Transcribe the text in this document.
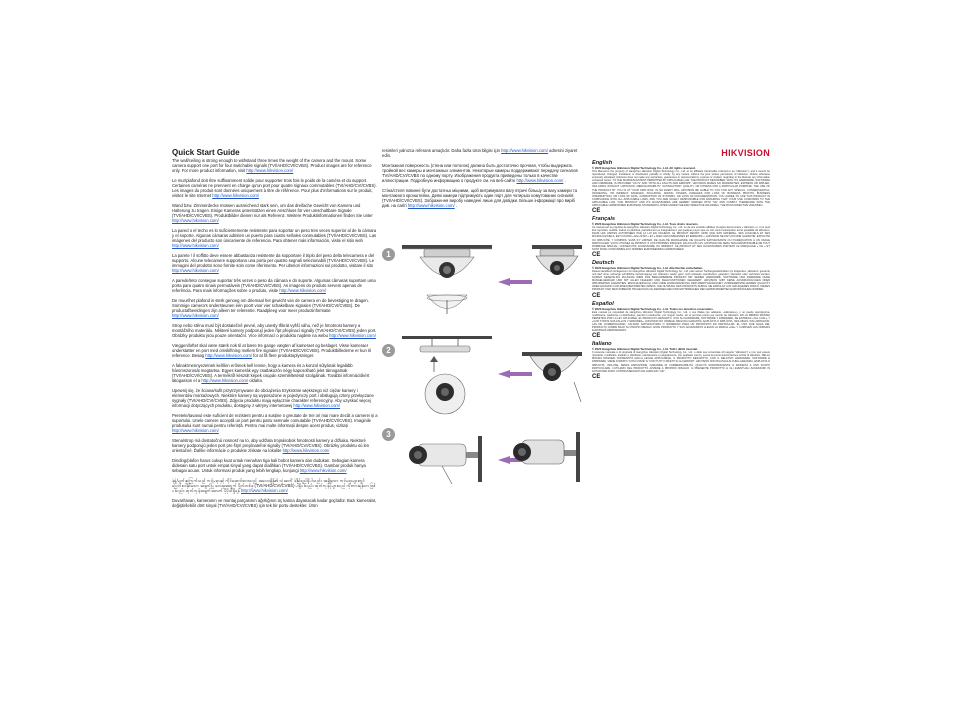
Quick Start Guide

The wall/ceiling is strong enough to withstand three times the weight of the camera and the mount. Some camera support one port for four switchable signals (TVI/AHD/CVI/CVBS). Product images are for reference only. For more product information, visit http://www.hikvision.com/

Le mur/plafond doit être suffisamment solide pour supporter trois fois le poids de la caméra et du support. Certaines caméras ne prennent en charge qu'un port pour quatre signaux commutables (TVI/AHD/CVI/CVBS). Les images du produit sont données uniquement à titre de référence. Pour plus d'informations sur le produit, visitez le site Internet http://www.hikvision.com/

Wand bzw. Zimmerdecke müssen ausreichend stark sein, um das dreifache Gewicht von Kamera und Halterung zu tragen. Einige Kameras unterstützen einen Anschluss für vier umschaltbare Signale (TVI/AHD/CVI/CVBS). Produktbilder dienen nur als Referenz. Weitere Produktinformationen finden Sie unter http://www.hikvision.com/

La pared o el techo es lo suficientemente resistente para soportar un peso tres veces superior al de la cámara y el soporte. Algunas cámaras admiten un puerto para cuatro señales conmutables (TVI/AHD/CVI/CVBS). Las imágenes del producto son únicamente de referencia. Para obtener más información, visite el sitio web http://www.hikvision.com/

La parete / il soffitto deve essere abbastanza resistente da sopportare il triplo del peso della telecamera e del supporto. Alcune telecamere supportano una porta per quattro segnali selezionabili (TVI/AHD/CVI/CVBS). Le immagini del prodotto sono fornite solo come riferimento. Per ulteriori informazioni sul prodotto, visitare il sito http://www.hikvision.com/

A parede/teto consegue suportar três vezes o peso da câmara e do suporte. Algumas câmaras suportam uma porta para quatro sinais permutáveis (TVI/AHD/CVI/CVBS). As imagens do produto servem apenas de referência. Para mais informações sobre o produto, visite http://www.hikvision.com/

De muur/het plafond is sterk genoeg om driemaal het gewicht van de camera en de bevestiging te dragen. Sommige camera's ondersteunen één poort voor vier schakelbare signalen (TVI/AHD/CVI/CVBS). De productafbeeldingen zijn alleen ter referentie. Raadpleeg voor meer productinformatie http://www.hikvision.com/

Strop nebo stěna musí být dostatečně pevné, aby unesly třikrát vyšší váhu, než je hmotnost kamery a montážního materiálu. Některé kamery podporují jeden řípt přepínací signály (TVI/AHD/CVI/CVBS) jeden port. Obrázky produktu jsou pouze orientační. Více informací o produktu najdete na webu http://www.hikvision.com/

Væggen/loftet skal være stærk nok til at bære tre gange vægten af kameraet og beslaget. Visse kameraer understøtter en port med omskiftning mellem fire signaler (TVI/AHD/CVI/CVBS). Produktbillederne er kun til reference. Besøg http://www.hikvision.com/ for at få flere produktoplysninger.

A falnak/mennyezetnek kellően erősnek kell lennie, hogy a kamera és a konzol súlyának legalább háromszorosát megtartsa. Egyes kamerák egy csatlakozón négy kapcsolható jelet támogatnak (TVI/AHD/CVI/CVBS). A termékről készült képek csupán szemléltetésül szolgálnak. További információkért látogasson el a http://www.hikvision.com/ oldalra.

Upewnij się, że ściana/sufit przytrzymywane do obciążenia trzykrotnie większego niż ciężar kamery i elementów montażowych. Niektóre kamery są wyposażone w pojedynczy port i obsługują cztery przełączane sygnały (TVI/AHD/CVI/CVBS). Zdjęcia produktu mają wyłącznie charakter referencyjny. Aby uzyskać więcej informacji dotyczących produktu, dostępny z witryny internetowej http://www.hikvision.com/

Peretele/tavanul este suficient de rezistent pentru a susține o greutate de trei ori mai mare decât a camerei și a suportului. Unele camere acceptă un port pentru patru semnale comutabile (TVI/AHD/CVI/CVBS). Imaginile produsului sunt numai pentru referință. Pentru mai multe informații despre acest produs, vizitați http://www.hikvision.com/

Stena/strop má dostatočnú nosnosť na to, aby udržala trojnásobok hmotnosti kamery a držiaka. Niektoré kamery podporujú jeden port pre štyri prepínateľné signály (TVI/AHD/CVI/CVBS). Obrázky produktu sú len orientačné. Ďalšie informácie o produkte získate na lokalite http://www.hikvision.com/

Dinding/plafon harus cukup kuat untuk menahan tiga kali bobot kamera dan dudukan. Sebagian kamera didesain satu port untuk empat sinyal yang dapat dialihkan (TVI/AHD/CVI/CVBS). Gambar produk hanya sebagai acuan. Untuk informasi produk yang lebih lengkap, kunjungi http://www.hikvision.com/

နံရံ/မျက်နှာကြက်သည် ကင်မရာနှင့် ကိုင်ဆောင်ထားသည့် အလေးချိန်၏ သုံးဆကို ခံနိုင်ရည်ရှိပါသည်။ အချို့သော ကင်မရာများတွင် ပြောင်းလဲနိုင်သော အချက်ပြ လေးခုအတွက် ပို့တ်တစ်ခု (TVI/AHD/CVI/CVBS) ပါရှိပါသည်။ ထုတ်ကုန်ပုံများသည် ကိုးကားရန်သာ ဖြစ်ပါသည်။ ထုတ်ကုန်အချက်အလက် ပိုမိုသိရှိရန် http://www.hikvision.com/

Duvar/tavan, kameranın ve montaj parçasının ağırlığının üç katına dayanacak kadar güçlüdür. Bazı kameralar, değiştirilebilir dört sinyal (TVI/AHD/CVI/CVBS) için tek bir portu destekler. Ürün

resimleri yalnızca referans amaçlıdır. Daha fazla ürün bilgisi için http://www.hikvision.com/ adresini ziyaret edin.

Монтажная поверхность (стена или потолок) должна быть достаточно прочная, чтобы выдержать тройной вес камеры и монтажных элементов. Некоторые камеры поддерживают передачу сигналов TVI/AHD/CVI/CVBS по одному порту. Изображения продукта приведены только в качестве иллюстрации. Подробную информацию о продукте см. на веб-сайте http://www.hikvision.com/ .

Стіна/стеля повинні бути достатньо міцними, щоб витримувати вагу втричі більшу за вагу камери та монтажного кронштейна. Деякі камери підтримують один порт для чотирьох комутованих сигналів (TVI/AHD/CVI/CVBS). Зображення виробу наведені лише для довідки. Більше інформації про виріб див. на сайті http://www.hikvision.com/ .

1
2
3
HIKVISION
English
© 2020 Hangzhou Hikvision Digital Technology Co., Ltd. All rights reserved.
This Manual is the property of Hangzhou Hikvision Digital Technology Co., Ltd. or its affiliates (hereinafter referred to as "Hikvision"), and it cannot be reproduced, changed, translated, or distributed, partially or wholly, by any means, without the prior written permission of Hikvision. Unless otherwise expressly stipulated, Hikvision does not make any warranties, guarantees or representations, express or implied, regarding to the Manual, any information contained herein. TO THE MAXIMUM EXTENT PERMITTED BY APPLICABLE LAW, THE PRODUCT DESCRIBED, WITH ITS HARDWARE, SOFTWARE AND FIRMWARE, IS PROVIDED "AS IS" AND "WITH ALL FAULTS AND ERRORS". HIKVISION MAKES NO WARRANTIES, EXPRESS OR IMPLIED, INCLUDING WITHOUT LIMITATION, MERCHANTABILITY, SATISFACTORY QUALITY, OR FITNESS FOR A PARTICULAR PURPOSE. THE USE OF THE PRODUCT BY YOU IS AT YOUR OWN RISK. IN NO EVENT WILL HIKVISION BE LIABLE TO YOU FOR ANY SPECIAL, CONSEQUENTIAL, INCIDENTAL, OR INDIRECT DAMAGES, INCLUDING, AMONG OTHERS, DAMAGES FOR LOSS OF BUSINESS PROFITS, BUSINESS INTERRUPTION, OR LOSS OF DATA, CORRUPTION OF SYSTEMS, OR LOSS OF DOCUMENTATION. YOU AGREE TO USE THIS PRODUCT IN COMPLIANCE WITH ALL APPLICABLE LAWS, AND YOU ARE SOLELY RESPONSIBLE FOR ENSURING THAT YOUR USE CONFORMS TO THE APPLICABLE LAW. THIS PRODUCT AND ITS ACCESSORIES ARE HEREBY MARKED WITH "CE" AND COMPLY THEREFORE WITH THE APPLICABLE HARMONIZED EUROPEAN STANDARDS LISTED UNDER THE EMC DIRECTIVE 2014/30/EU, THE ROHS DIRECTIVE 2011/65/EU.
CE
Français
© 2020 Hangzhou Hikvision Digital Technology Co., Ltd. Tous droits réservés.
Ce manuel est la propriété de Hangzhou Hikvision Digital Technology Co., Ltd. ou de ses sociétés affiliées (ci-après dénommées « Hikvision »). Il ne peut être reproduit, modifié, traduit ou distribué, partiellement ou intégralement, par quelque moyen que ce soit, sans l'autorisation écrite préalable de Hikvision. DANS LES LIMITES AUTORISÉES PAR LA LOI EN VIGUEUR, LE PRODUIT DÉCRIT, AINSI QUE SON MATÉRIEL, SES LOGICIELS ET SES MICROLOGICIELS, EST FOURNI « EN L'ÉTAT » ET « AVEC CES FAIBLESSES ET ERREURS ». HIKVISION NE FAIT AUCUNE GARANTIE, EXPLICITE OU IMPLICITE, Y COMPRIS, SANS S'Y LIMITER, DE QUALITÉ MARCHANDE, DE QUALITÉ SATISFAISANTE OU D'ADÉQUATION À UN USAGE PARTICULIER. VOUS UTILISEZ LE PRODUIT À VOS PROPRES RISQUES. EN AUCUN CAS, HIKVISION NE SERA TENU RESPONSABLE DE TOUT DOMMAGE SPÉCIAL, CONSÉCUTIF, ACCESSOIRE OU INDIRECT. CE PRODUIT ET SES ACCESSOIRES PORTENT LE MARQUAGE « CE » ET SONT DONC CONFORMES AUX NORMES EUROPÉENNES HARMONISÉES.
CE
Deutsch
© 2020 Hangzhou Hikvision Digital Technology Co., Ltd. Alle Rechte vorbehalten.
Dieses Handbuch ist Eigentum von Hangzhou Hikvision Digital Technology Co., Ltd. oder seinen Tochtergesellschaften (im Folgenden „Hikvision“ genannt) und darf ohne vorherige schriftliche Genehmigung von Hikvision weder ganz noch teilweise reproduziert, geändert, übersetzt oder verbreitet werden. SOWEIT GESETZLICH ZULÄSSIG WIRD DAS BESCHRIEBENE PRODUKT MIT SEINER HARDWARE, SOFTWARE UND FIRMWARE OHNE MÄNGELGEWÄHR UND MIT ALLEN FEHLERN UND FEHLFUNKTIONEN GELIEFERT. HIKVISION GIBT KEINE AUSDRÜCKLICHEN ODER IMPLIZIERTEN GARANTIEN, EINSCHLIESSLICH UND OHNE EINSCHRÄNKUNG DER MARKTGÄNGIGKEIT, ZUFRIEDENSTELLENDEN QUALITÄT ODER EIGNUNG FÜR EINEN BESTIMMTEN ZWECK. DIE NUTZUNG DES PRODUKTS DURCH SIE ERFOLGT AUF IHR EIGENES RISIKO. DIESES PRODUKT UND SEIN ZUBEHÖR TRAGEN DAS CE-KENNZEICHEN UND ENTSPRECHEN DEN HARMONISIERTEN EUROPÄISCHEN NORMEN.
CE
Español
© 2020 Hangzhou Hikvision Digital Technology Co., Ltd. Todos los derechos reservados.
Este manual es propiedad de Hangzhou Hikvision Digital Technology Co., Ltd. o sus filiales (en adelante, «Hikvision»), y no puede reproducirse, modificarse, traducirse ni distribuirse, parcial ni totalmente, por ningún medio, sin el permiso previo por escrito de Hikvision. EN LA MEDIDA MÁXIMA PERMITIDA POR LA LEY APLICABLE, EL PRODUCTO DESCRITO, CON SU HARDWARE, SOFTWARE Y FIRMWARE, SE ENTREGA «TAL CUAL» Y «CON TODOS SUS FALLOS Y ERRORES». HIKVISION NO OFRECE NINGUNA GARANTÍA, EXPLÍCITA O IMPLÍCITA, INCLUIDAS, SIN LIMITACIÓN, LAS DE COMERCIALIDAD, CALIDAD SATISFACTORIA O IDONEIDAD PARA UN PROPÓSITO EN PARTICULAR. EL USO QUE HAGA DEL PRODUCTO CORRE BAJO SU PROPIO RIESGO. ESTE PRODUCTO Y SUS ACCESORIOS LLEVAN LA MARCA «CE» Y CUMPLEN LAS NORMAS EUROPEAS ARMONIZADAS.
CE
Italiano
© 2020 Hangzhou Hikvision Digital Technology Co., Ltd. Tutti i diritti riservati.
Il presente manuale è di proprietà di Hangzhou Hikvision Digital Technology Co., Ltd. o delle sue consociate (di seguito "Hikvision") e non può essere riprodotto, modificato, tradotto o distribuito, parzialmente o integralmente, con qualsiasi mezzo, senza la previa autorizzazione scritta di Hikvision. NELLA MISURA MASSIMA CONSENTITA DALLA LEGGE APPLICABILE, IL PRODOTTO DESCRITTO, CON IL RELATIVO HARDWARE, SOFTWARE E FIRMWARE, VIENE FORNITO "COSÌ COM'È" E "CON TUTTI I DIFETTI E GLI ERRORI". HIKVISION NON RILASCIA ALCUNA GARANZIA, ESPLICITA O IMPLICITA, INCLUSE, SENZA LIMITAZIONE, GARANZIE DI COMMERCIABILITÀ, QUALITÀ SODDISFACENTE O IDONEITÀ A UNO SCOPO PARTICOLARE. L'UTILIZZO DEL PRODOTTO AVVIENE A PROPRIO RISCHIO. IL PRESENTE PRODOTTO E GLI EVENTUALI ACCESSORI IN DOTAZIONE SONO CONTRASSEGNATI DAL MARCHIO "CE".
CE
